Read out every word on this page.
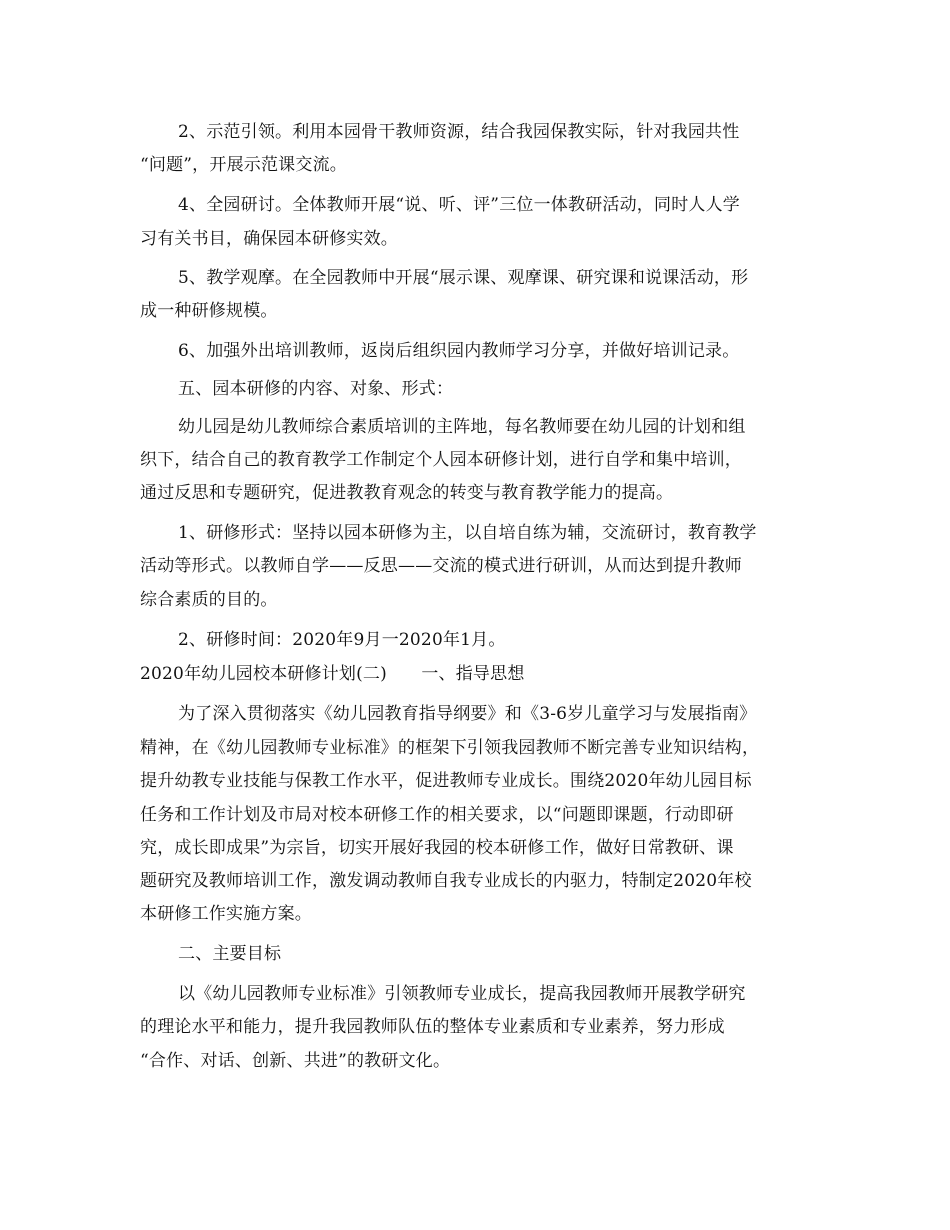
2、示范引领。利用本园骨干教师资源，结合我园保教实际，针对我园共性
“问题”，开展示范课交流。
4、全园研讨。全体教师开展“说、听、评”三位一体教研活动，同时人人学
习有关书目，确保园本研修实效。
5、教学观摩。在全园教师中开展“展示课、观摩课、研究课和说课活动，形
成一种研修规模。
6、加强外出培训教师，返岗后组织园内教师学习分享，并做好培训记录。
五、园本研修的内容、对象、形式：
幼儿园是幼儿教师综合素质培训的主阵地，每名教师要在幼儿园的计划和组
织下，结合自己的教育教学工作制定个人园本研修计划，进行自学和集中培训，
通过反思和专题研究，促进教教育观念的转变与教育教学能力的提高。
1、研修形式：坚持以园本研修为主，以自培自练为辅，交流研讨，教育教学
活动等形式。以教师自学——反思——交流的模式进行研训，从而达到提升教师
综合素质的目的。
2、研修时间：2020年9月一2020年1月。
2020年幼儿园校本研修计划(二)　　一、指导思想
为了深入贯彻落实《幼儿园教育指导纲要》和《3-6岁儿童学习与发展指南》
精神，在《幼儿园教师专业标准》的框架下引领我园教师不断完善专业知识结构，
提升幼教专业技能与保教工作水平，促进教师专业成长。围绕2020年幼儿园目标
任务和工作计划及市局对校本研修工作的相关要求，以“问题即课题，行动即研
究，成长即成果”为宗旨，切实开展好我园的校本研修工作，做好日常教研、课
题研究及教师培训工作，激发调动教师自我专业成长的内驱力，特制定2020年校
本研修工作实施方案。
二、主要目标
以《幼儿园教师专业标准》引领教师专业成长，提高我园教师开展教学研究
的理论水平和能力，提升我园教师队伍的整体专业素质和专业素养，努力形成
“合作、对话、创新、共进”的教研文化。
